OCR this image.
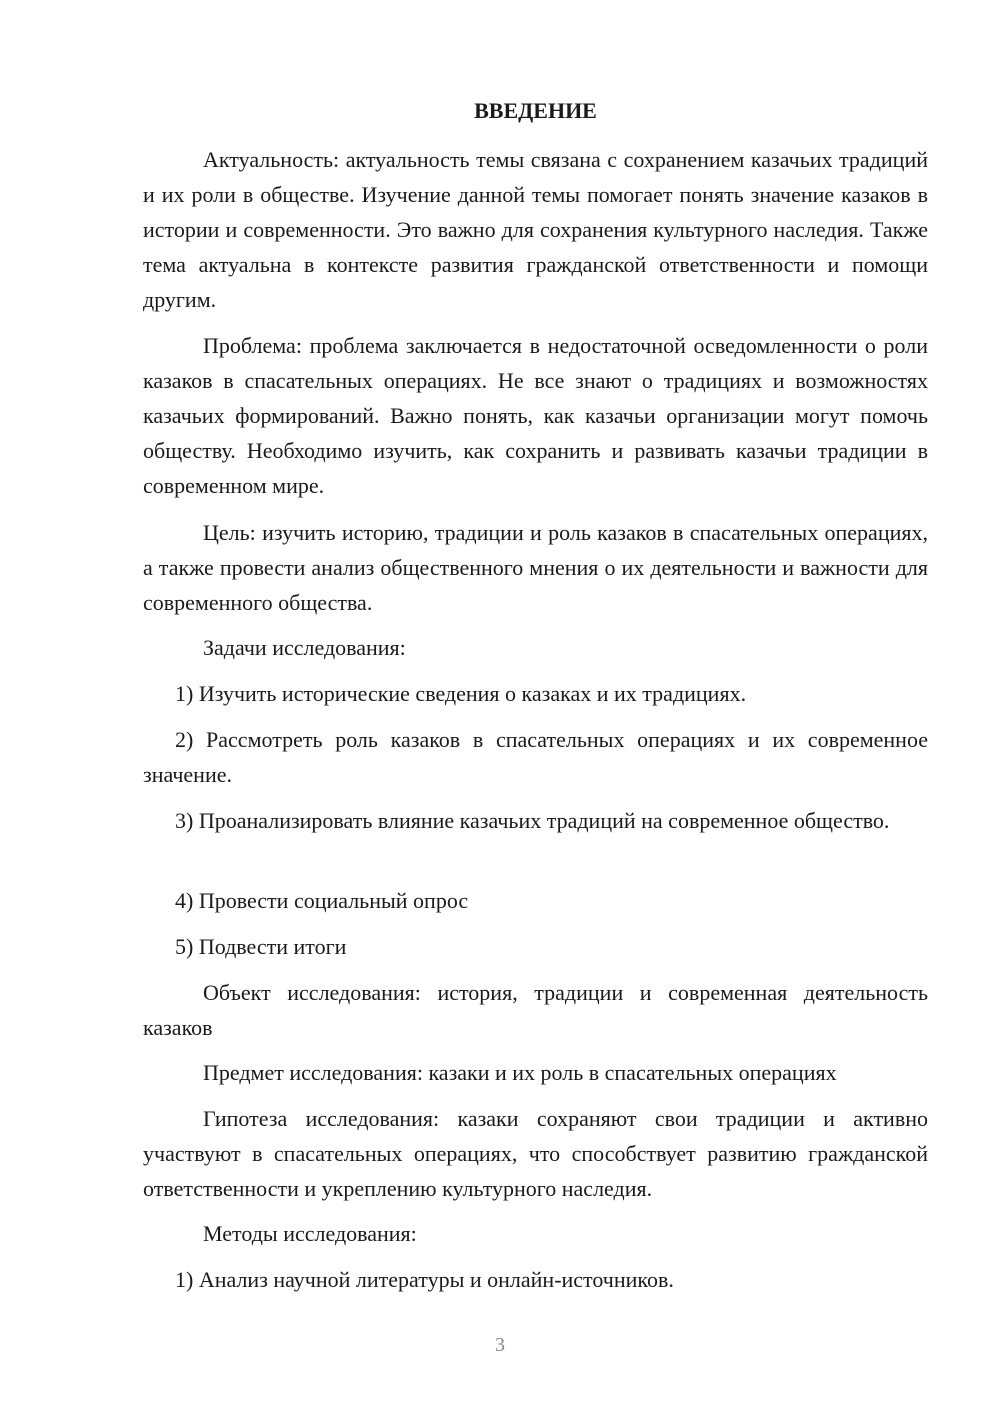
ВВЕДЕНИЕ

Актуальность: актуальность темы связана с сохранением казачьих традиций и их роли в обществе. Изучение данной темы помогает понять значение казаков в истории и современности. Это важно для сохранения культурного наследия. Также тема актуальна в контексте развития гражданской ответственности и помощи другим.

Проблема: проблема заключается в недостаточной осведомленности о роли казаков в спасательных операциях. Не все знают о традициях и возможностях казачьих формирований. Важно понять, как казачьи организации могут помочь обществу. Необходимо изучить, как сохранить и развивать казачьи традиции в современном мире.

Цель: изучить историю, традиции и роль казаков в спасательных операциях, а также провести анализ общественного мнения о их деятельности и важности для современного общества.

Задачи исследования:

1) Изучить исторические сведения о казаках и их традициях.

2) Рассмотреть роль казаков в спасательных операциях и их современное значение.

3) Проанализировать влияние казачьих традиций на современное общество.

4) Провести социальный опрос

5) Подвести итоги

Объект исследования: история, традиции и современная деятельность казаков

Предмет исследования: казаки и их роль в спасательных операциях

Гипотеза исследования: казаки сохраняют свои традиции и активно участвуют в спасательных операциях, что способствует развитию гражданской ответственности и укреплению культурного наследия.

Методы исследования:

1) Анализ научной литературы и онлайн-источников.

3
